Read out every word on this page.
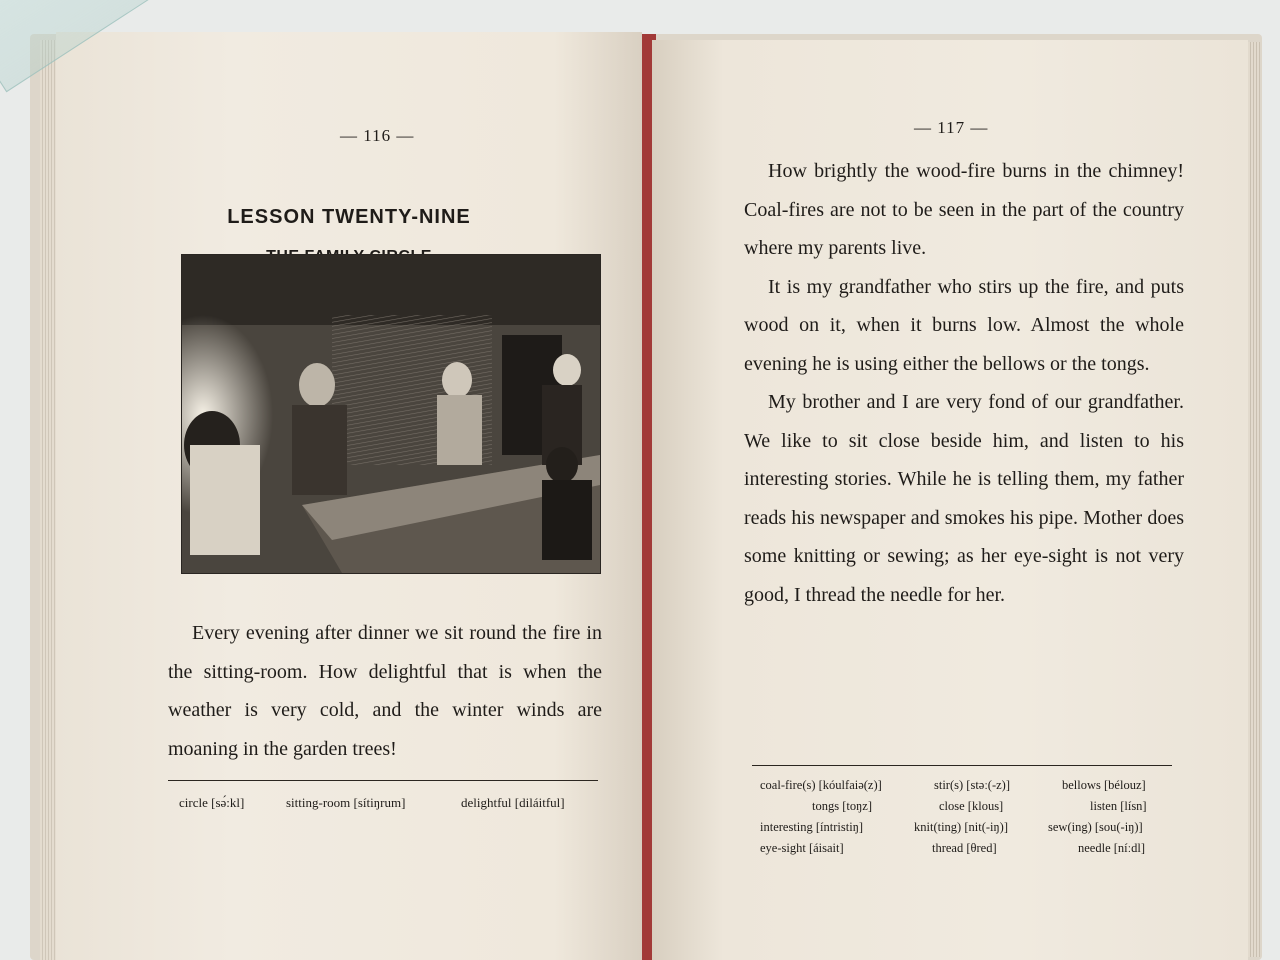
— 116 —
LESSON TWENTY-NINE

Every evening after dinner we sit round the fire in the sitting-room. How delightful that is when the weather is very cold, and the winter winds are moaning in the garden trees!

circle [sə́:kl]	sitting-room [sítiŋrum]	delightful [diláitful]
— 117 —

How brightly the wood-fire burns in the chimney! Coal-fires are not to be seen in the part of the country where my parents live.

It is my grandfather who stirs up the fire, and puts wood on it, when it burns low. Almost the whole evening he is using either the bellows or the tongs.

My brother and I are very fond of our grandfather. We like to sit close beside him, and listen to his interesting stories. While he is telling them, my father reads his newspaper and smokes his pipe. Mother does some knitting or sewing; as her eye-sight is not very good, I thread the needle for her.

coal-fire(s) [kóulfaiə(z)]	stir(s) [stəː(-z)]	bellows [bélouz]
tongs [toŋz]	close [klous]	listen [lísn]
interesting [íntristiŋ]	knit(ting) [nit(-iŋ)]	sew(ing) [sou(-iŋ)]
eye-sight [áisait]	thread [θred]	needle [níːdl]
